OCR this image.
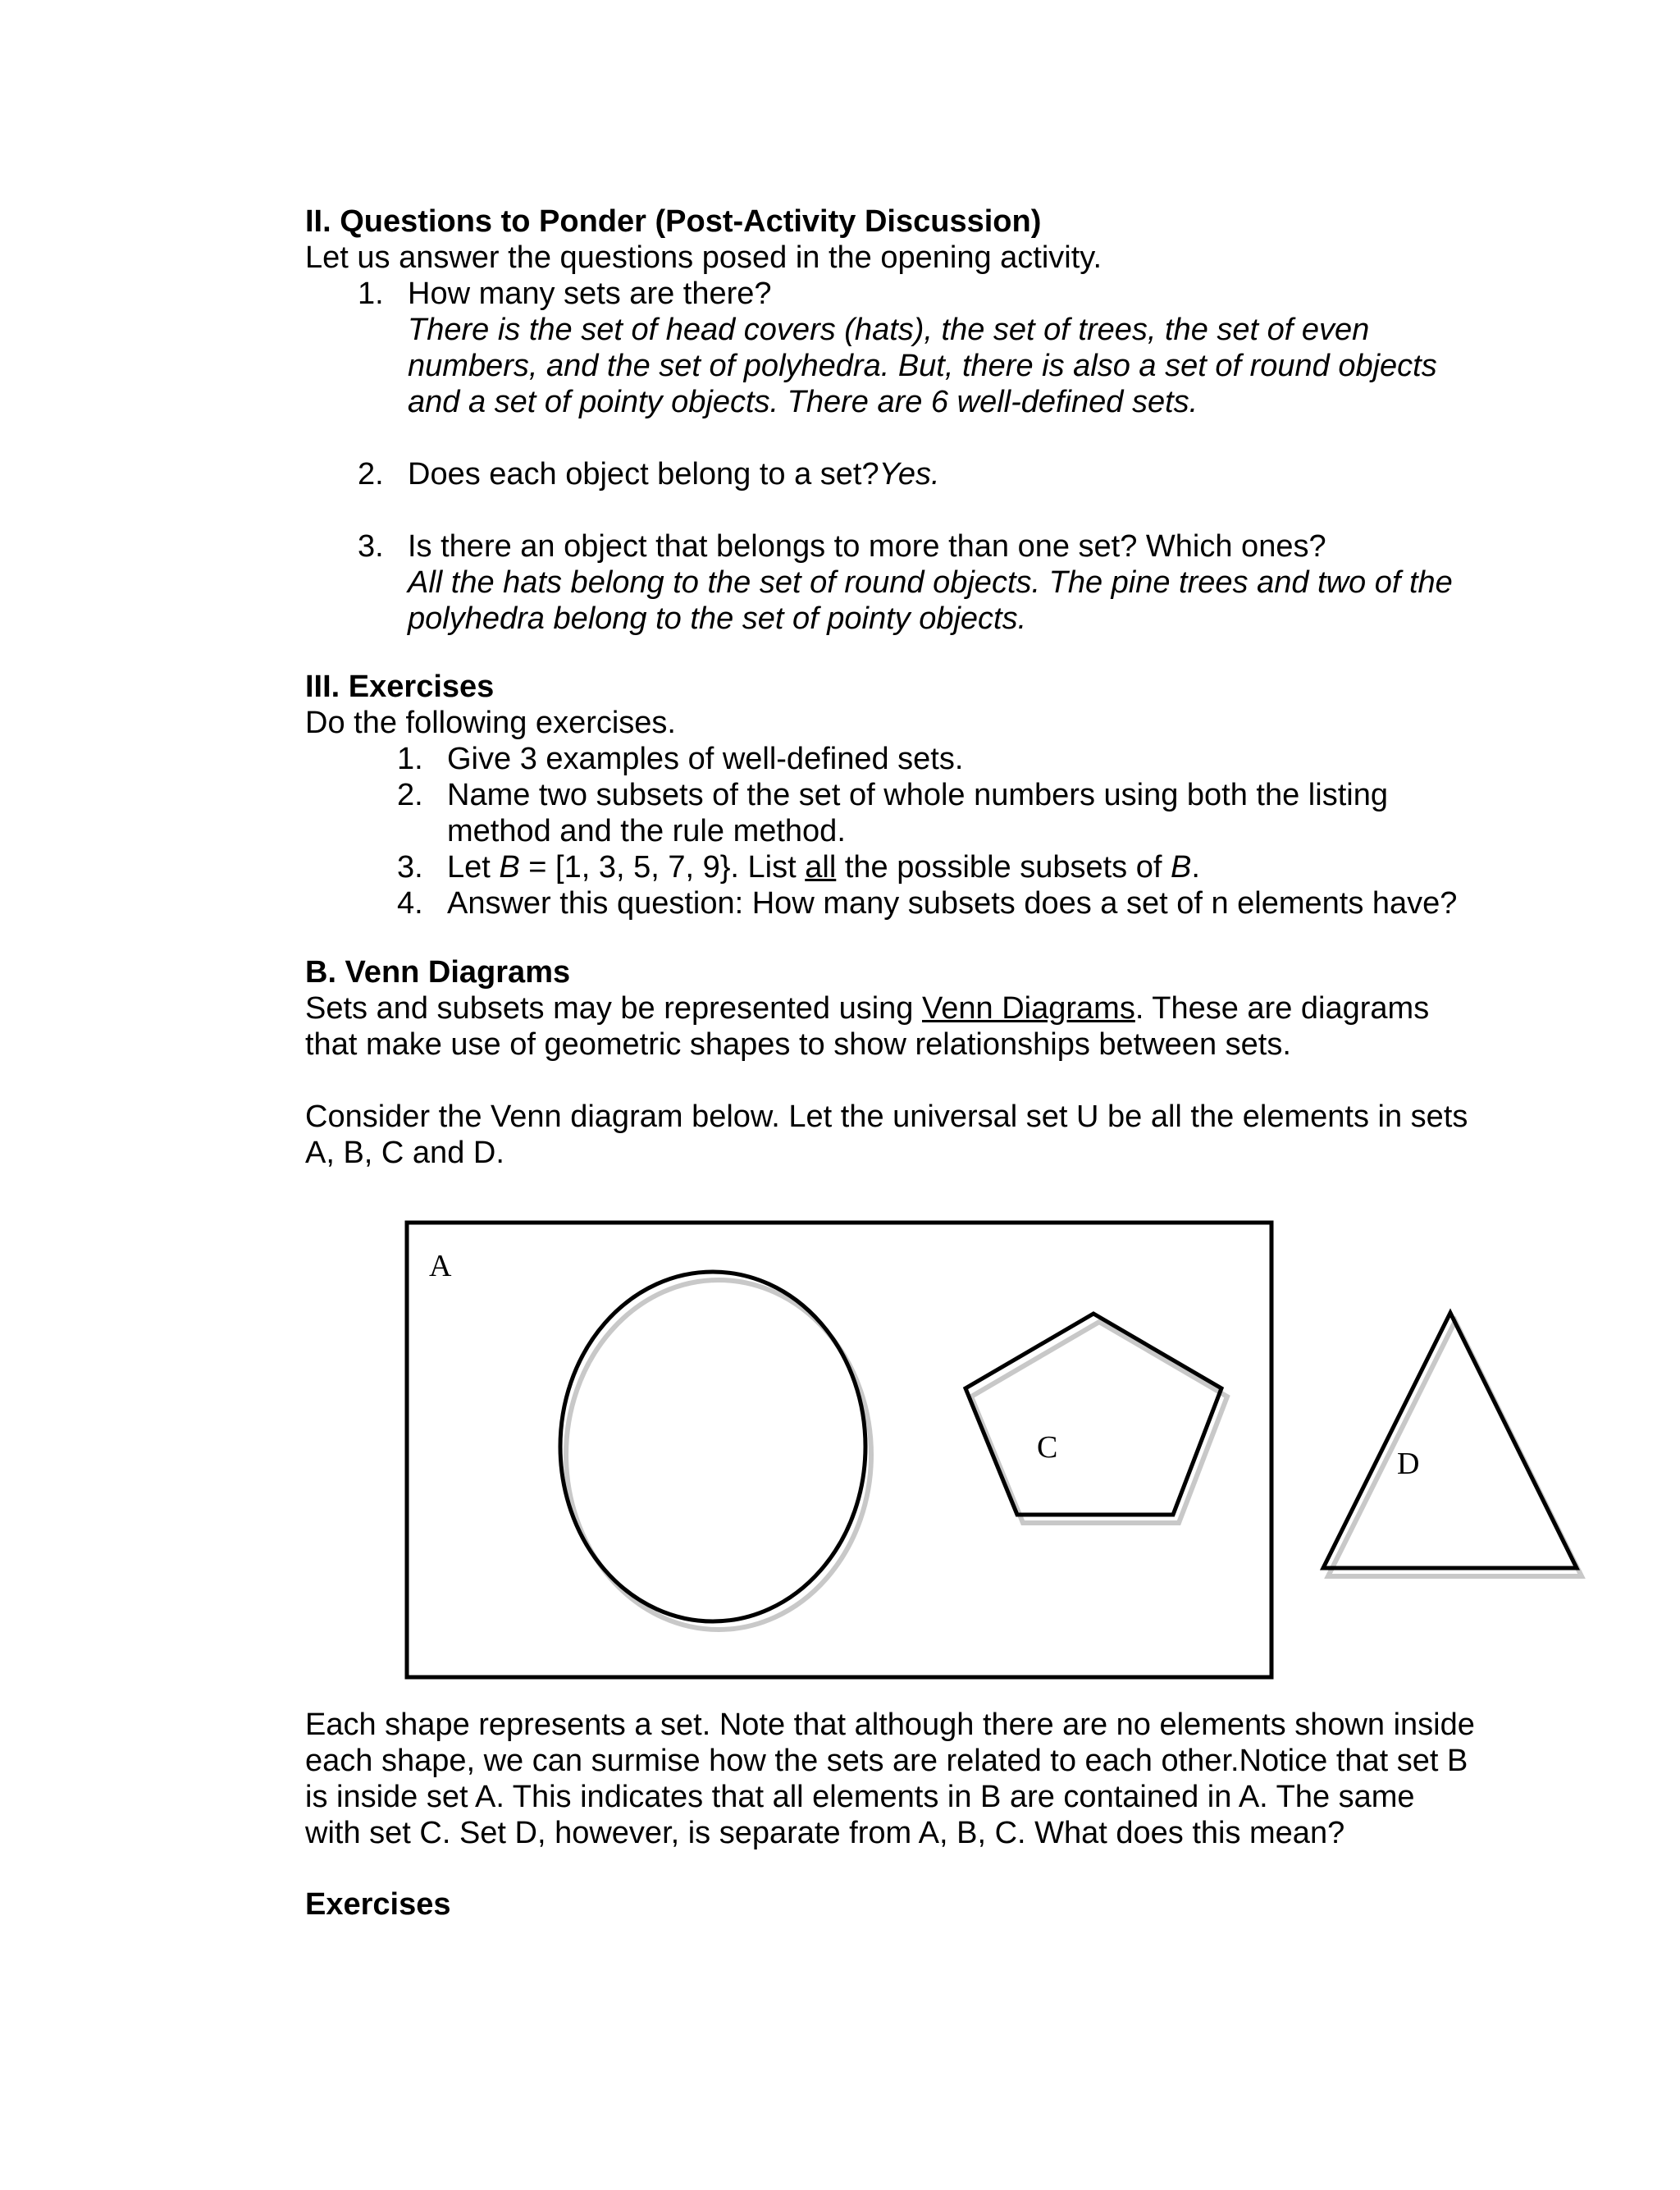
II. Questions to Ponder (Post-Activity Discussion)
Let us answer the questions posed in the opening activity.
1. How many sets are there?
There is the set of head covers (hats), the set of trees, the set of even
numbers, and the set of polyhedra. But, there is also a set of round objects
and a set of pointy objects. There are 6 well-defined sets.
2. Does each object belong to a set?Yes.
3. Is there an object that belongs to more than one set? Which ones?
All the hats belong to the set of round objects. The pine trees and two of the
polyhedra belong to the set of pointy objects.
III. Exercises
Do the following exercises.
1. Give 3 examples of well-defined sets.
2. Name two subsets of the set of whole numbers using both the listing
method and the rule method.
3. Let B = [1, 3, 5, 7, 9}. List all the possible subsets of B.
4. Answer this question: How many subsets does a set of n elements have?
B. Venn Diagrams
Sets and subsets may be represented using Venn Diagrams. These are diagrams
that make use of geometric shapes to show relationships between sets.
Consider the Venn diagram below. Let the universal set U be all the elements in sets
A, B, C and D.
A
C	D
Each shape represents a set. Note that although there are no elements shown inside
each shape, we can surmise how the sets are related to each other.Notice that set B
is inside set A. This indicates that all elements in B are contained in A. The same
with set C. Set D, however, is separate from A, B, C. What does this mean?
Exercises
